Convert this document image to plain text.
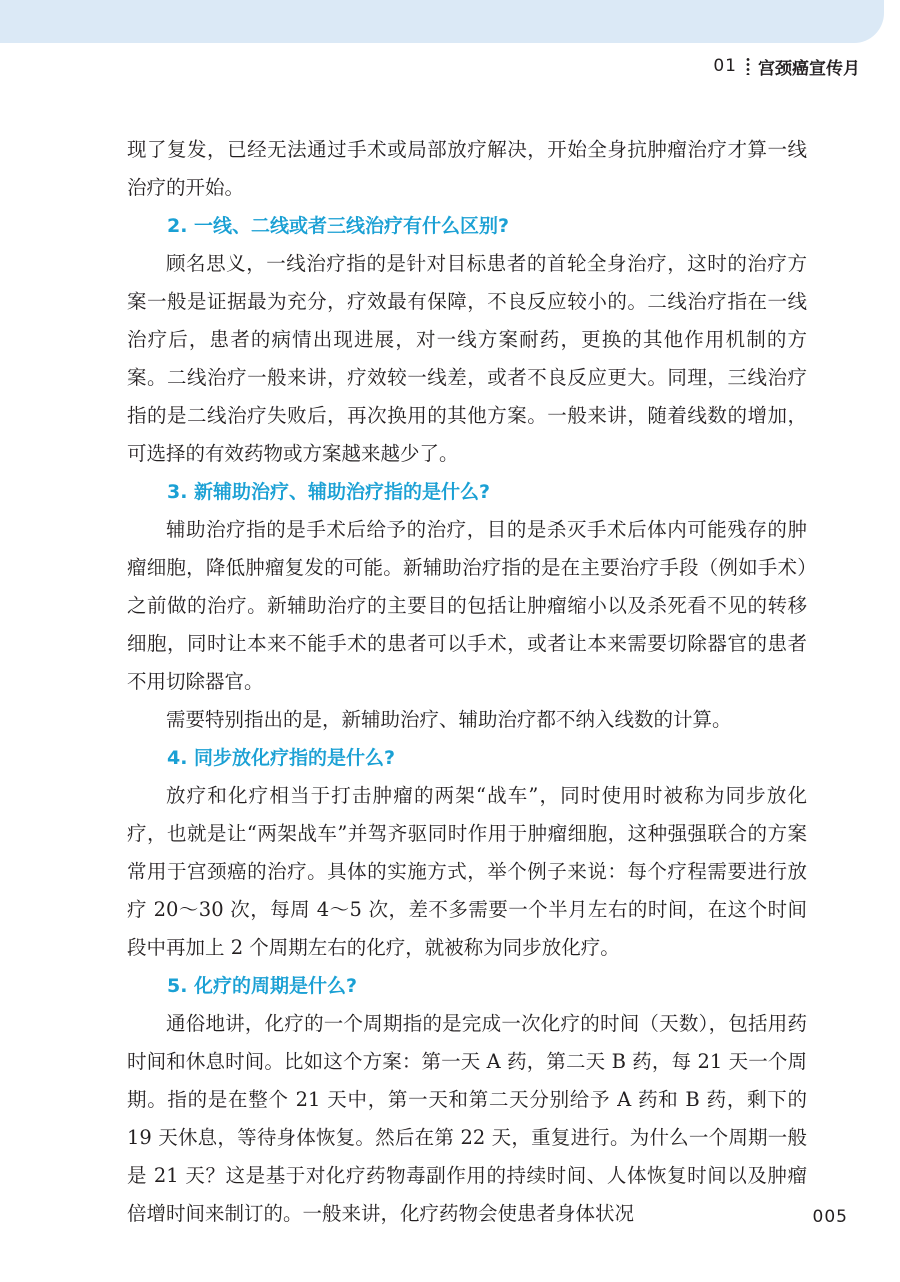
01 宫颈癌宣传月

现了复发，已经无法通过手术或局部放疗解决，开始全身抗肿瘤治疗才算一线治疗的开始。

2. 一线、二线或者三线治疗有什么区别?

顾名思义，一线治疗指的是针对目标患者的首轮全身治疗，这时的治疗方案一般是证据最为充分，疗效最有保障，不良反应较小的。二线治疗指在一线治疗后，患者的病情出现进展，对一线方案耐药，更换的其他作用机制的方案。二线治疗一般来讲，疗效较一线差，或者不良反应更大。同理，三线治疗指的是二线治疗失败后，再次换用的其他方案。一般来讲，随着线数的增加，可选择的有效药物或方案越来越少了。

3. 新辅助治疗、辅助治疗指的是什么?

辅助治疗指的是手术后给予的治疗，目的是杀灭手术后体内可能残存的肿瘤细胞，降低肿瘤复发的可能。新辅助治疗指的是在主要治疗手段（例如手术）之前做的治疗。新辅助治疗的主要目的包括让肿瘤缩小以及杀死看不见的转移细胞，同时让本来不能手术的患者可以手术，或者让本来需要切除器官的患者不用切除器官。

需要特别指出的是，新辅助治疗、辅助治疗都不纳入线数的计算。

4. 同步放化疗指的是什么?

放疗和化疗相当于打击肿瘤的两架“战车”，同时使用时被称为同步放化疗，也就是让“两架战车”并驾齐驱同时作用于肿瘤细胞，这种强强联合的方案常用于宫颈癌的治疗。具体的实施方式，举个例子来说：每个疗程需要进行放疗 20～30 次，每周 4～5 次，差不多需要一个半月左右的时间，在这个时间段中再加上 2 个周期左右的化疗，就被称为同步放化疗。

5. 化疗的周期是什么?

通俗地讲，化疗的一个周期指的是完成一次化疗的时间（天数），包括用药时间和休息时间。比如这个方案：第一天 A 药，第二天 B 药，每 21 天一个周期。指的是在整个 21 天中，第一天和第二天分别给予 A 药和 B 药，剩下的 19 天休息，等待身体恢复。然后在第 22 天，重复进行。为什么一个周期一般是 21 天？这是基于对化疗药物毒副作用的持续时间、人体恢复时间以及肿瘤倍增时间来制订的。一般来讲，化疗药物会使患者身体状况	005
